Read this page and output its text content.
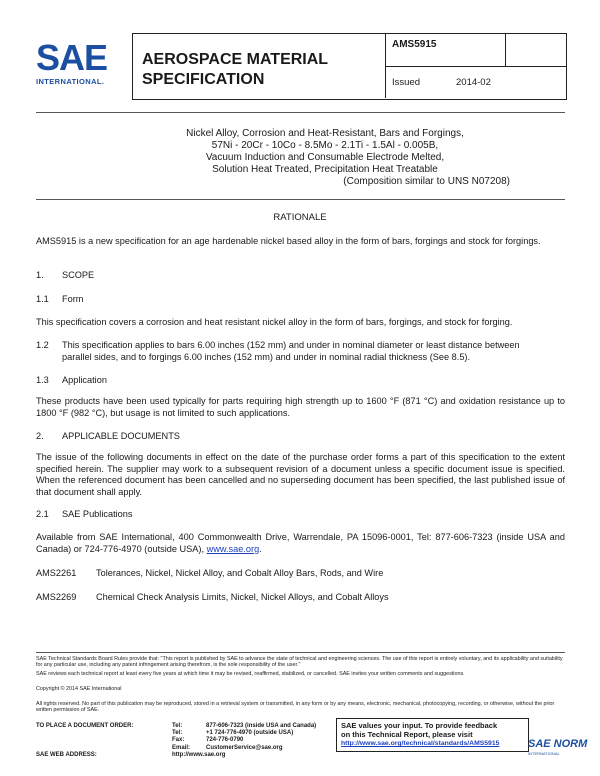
SAE
INTERNATIONAL.
AEROSPACE MATERIAL SPECIFICATION
AMS5915
Issued	2014-02
Nickel Alloy, Corrosion and Heat-Resistant, Bars and Forgings,
57Ni - 20Cr - 10Co - 8.5Mo - 2.1Ti - 1.5Al - 0.005B,
Vacuum Induction and Consumable Electrode Melted,
Solution Heat Treated, Precipitation Heat Treatable
(Composition similar to UNS N07208)
RATIONALE
AMS5915 is a new specification for an age hardenable nickel based alloy in the form of bars, forgings and stock for forgings.
1. SCOPE
1.1 Form
This specification covers a corrosion and heat resistant nickel alloy in the form of bars, forgings, and stock for forging.
1.2 This specification applies to bars 6.00 inches (152 mm) and under in nominal diameter or least distance between
parallel sides, and to forgings 6.00 inches (152 mm) and under in nominal radial thickness (See 8.5).
1.3 Application
These products have been used typically for parts requiring high strength up to 1600 °F (871 °C) and oxidation resistance up to 1800 °F (982 °C), but usage is not limited to such applications.
2. APPLICABLE DOCUMENTS
The issue of the following documents in effect on the date of the purchase order forms a part of this specification to the extent specified herein. The supplier may work to a subsequent revision of a document unless a specific document issue is specified. When the referenced document has been cancelled and no superseding document has been specified, the last published issue of that document shall apply.
2.1 SAE Publications
Available from SAE International, 400 Commonwealth Drive, Warrendale, PA 15096-0001, Tel: 877-606-7323 (inside USA and Canada) or 724-776-4970 (outside USA), www.sae.org.
AMS2261 Tolerances, Nickel, Nickel Alloy, and Cobalt Alloy Bars, Rods, and Wire
AMS2269 Chemical Check Analysis Limits, Nickel, Nickel Alloys, and Cobalt Alloys
SAE Technical Standards Board Rules provide that: "This report is published by SAE to advance the state of technical and engineering sciences. The use of this report is entirely voluntary, and its applicability and suitability for any particular use, including any patent infringement arising therefrom, is the sole responsibility of the user."
SAE reviews each technical report at least every five years at which time it may be revised, reaffirmed, stabilized, or cancelled. SAE invites your written comments and suggestions.
Copyright © 2014 SAE International
All rights reserved. No part of this publication may be reproduced, stored in a retrieval system or transmitted, in any form or by any means, electronic, mechanical, photocopying, recording, or otherwise, without the prior written permission of SAE.
TO PLACE A DOCUMENT ORDER:	Tel:	877-606-7323 (inside USA and Canada)
Tel:	+1 724-776-4970 (outside USA)
Fax:	724-776-0790
Email:	CustomerService@sae.org
SAE WEB ADDRESS:	http://www.sae.org
SAE values your input. To provide feedback
on this Technical Report, please visit
http://www.sae.org/technical/standards/AMS5915	SAE NORM
INTERNATIONAL
